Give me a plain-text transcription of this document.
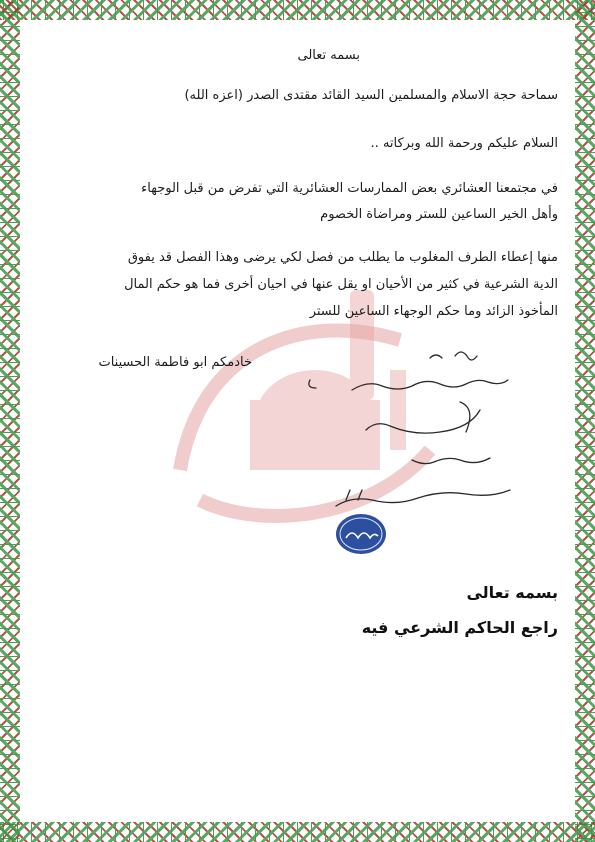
بسمه تعالى
سماحة حجة الاسلام والمسلمين السيد القائد مقتدى الصدر (اعزه الله)
السلام عليكم ورحمة الله وبركاته ..
في مجتمعنا العشائري بعض الممارسات العشائرية التي تفرض من قبل الوجهاء
وأهل الخير الساعين للستر ومراضاة الخصوم
منها إعطاء الطرف المغلوب ما يطلب من فصل لكي يرضى وهذا الفصل قد يفوق
الدية الشرعية في كثير من الأحيان او يقل عنها في احيان أخرى فما هو حكم المال
المأخوذ الزائد وما حكم الوجهاء الساعين للستر
خادمكم ابو فاطمة الحسينات
بسمه تعالى
راجع الحاكم الشرعي فيه
